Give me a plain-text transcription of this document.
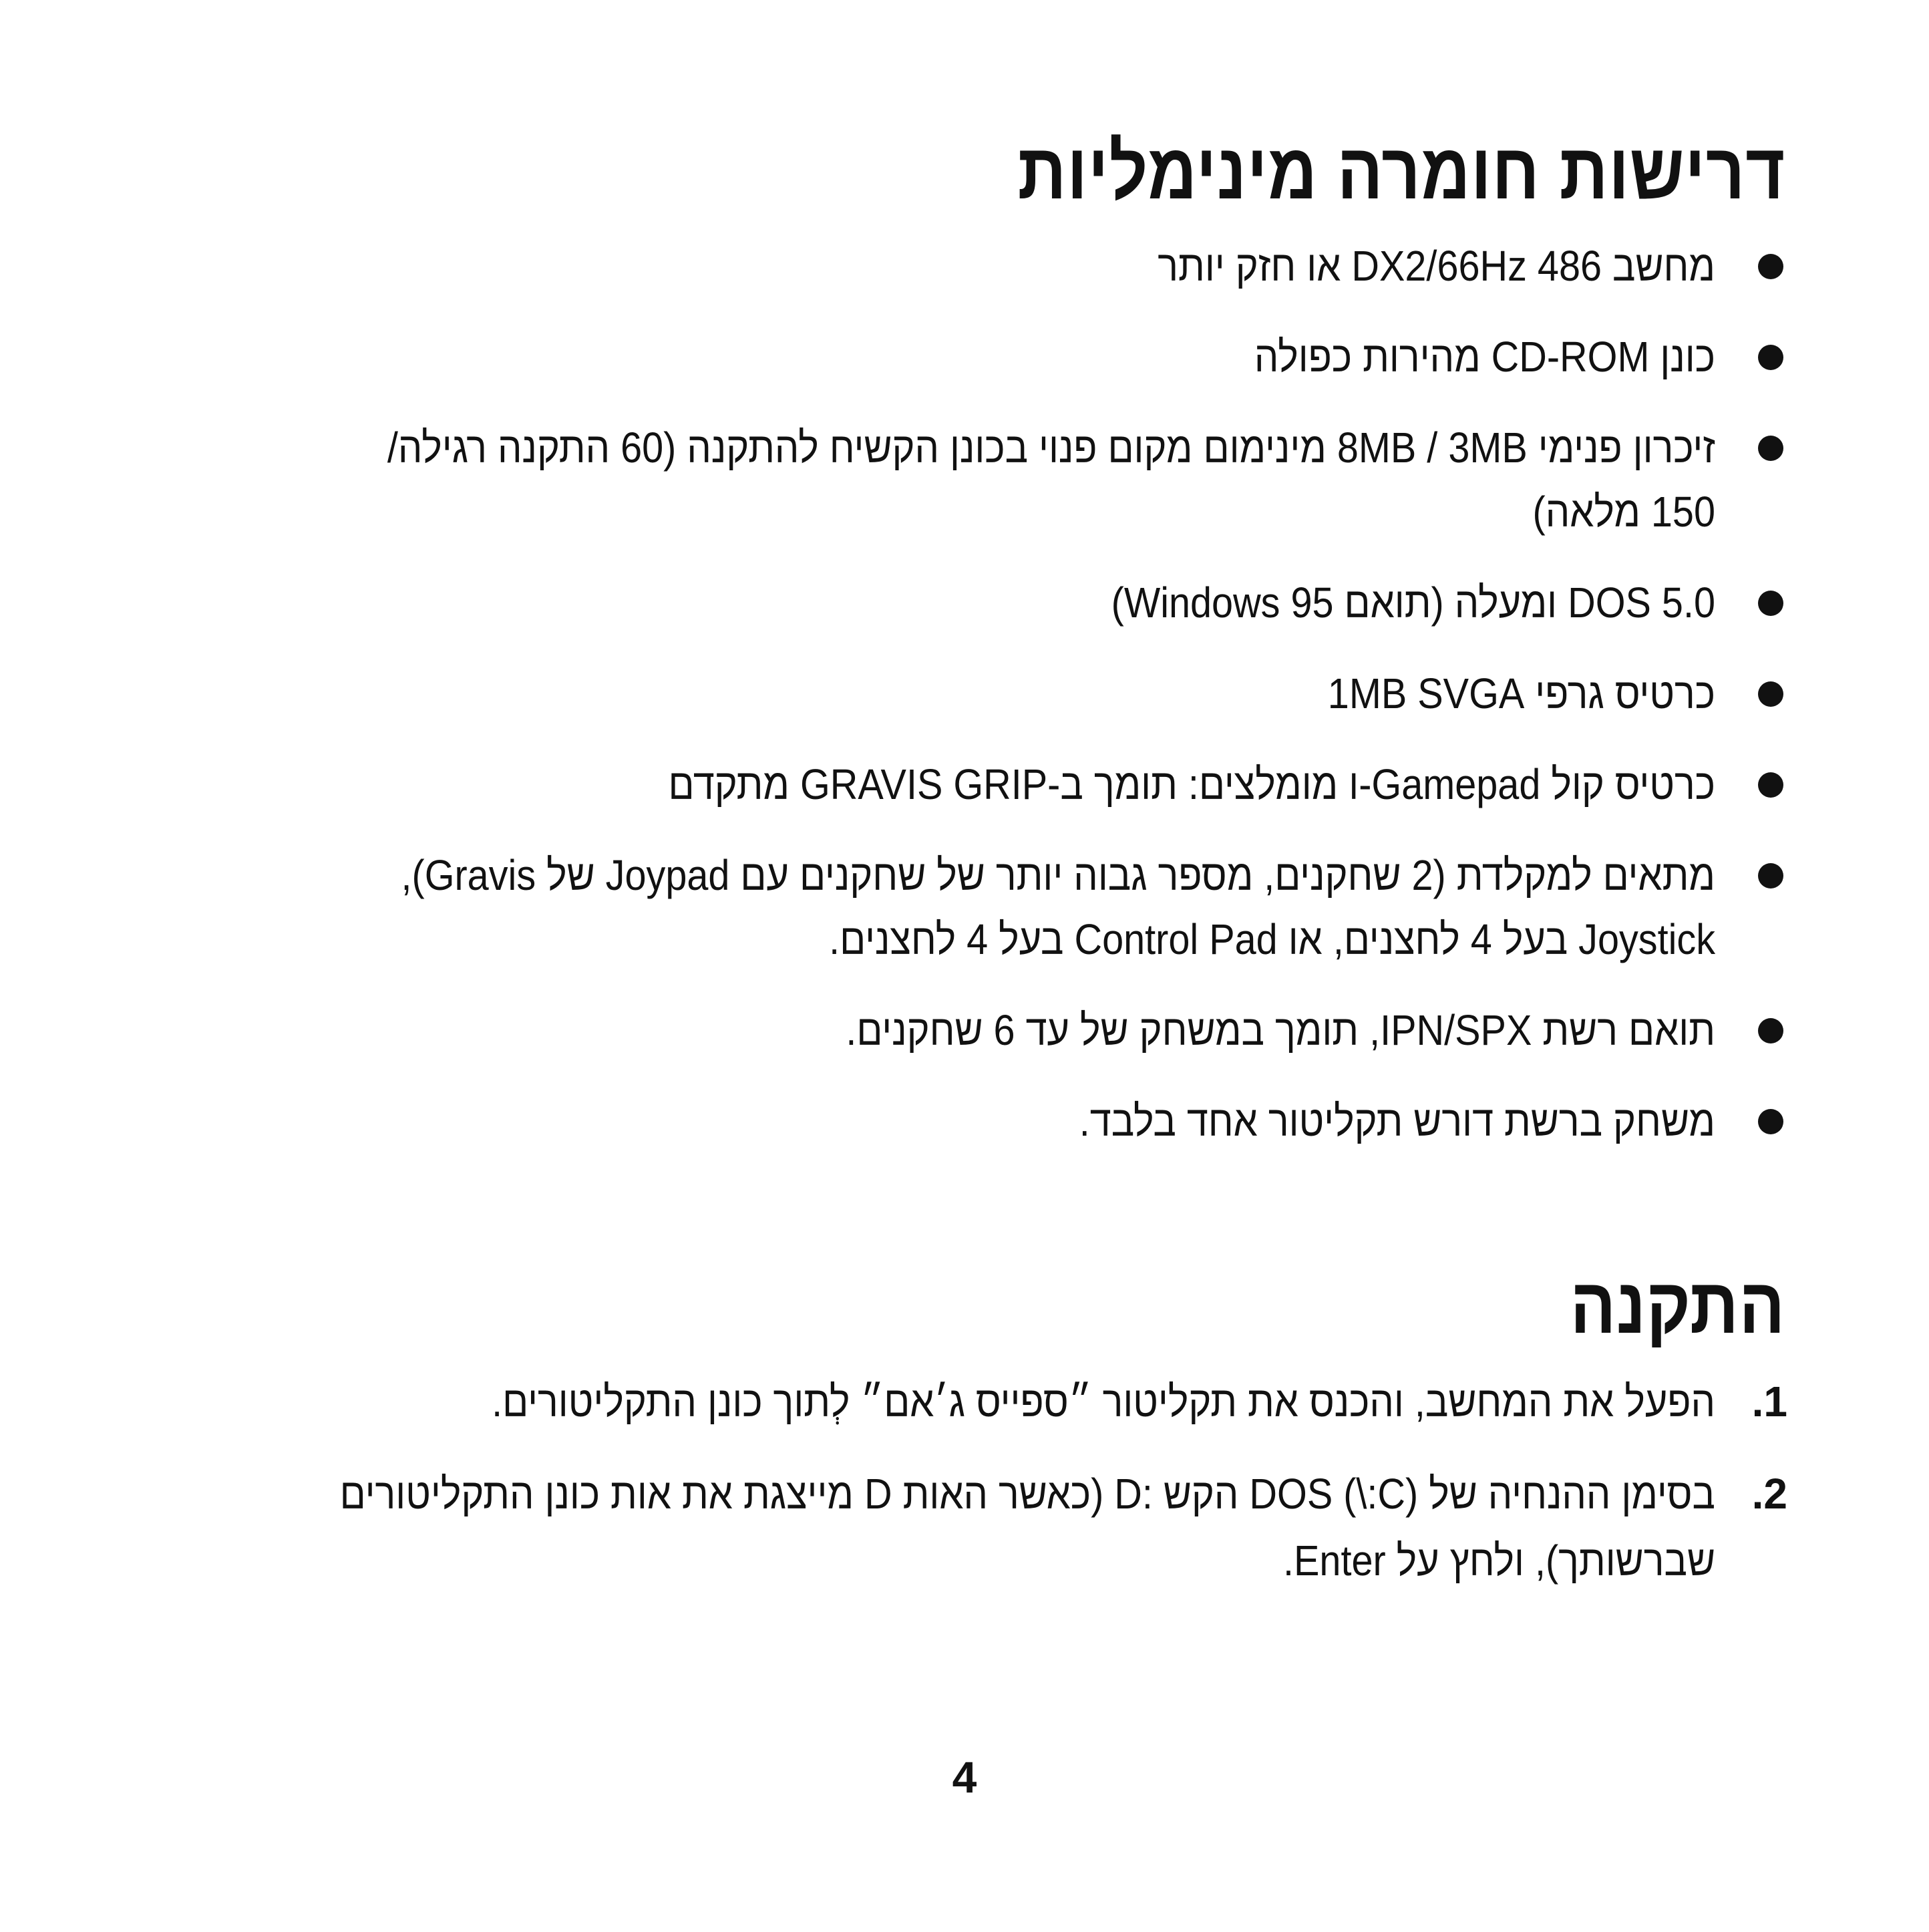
דרישות חומרה מינימליות
מחשב 486 DX2/66Hz או חזק יותר
כונן CD-ROM מהירות כפולה
זיכרון פנימי 8MB / 3MB מינימום מקום פנוי בכונן הקשיח להתקנה (60 התקנה רגילה/ 150 מלאה)
DOS 5.0 ומעלה (תואם Windows 95)
כרטיס גרפי 1MB SVGA
כרטיס קול Gamepad-ו מומלצים: תומך ב-GRAVIS GRIP מתקדם
מתאים למקלדת (2 שחקנים, מספר גבוה יותר של שחקנים עם Joypad של Gravis), Joystick בעל 4 לחצנים, או Control Pad בעל 4 לחצנים.
תואם רשת IPN/SPX, תומך במשחק של עד 6 שחקנים.
משחק ברשת דורש תקליטור אחד בלבד.
התקנה
1.
הפעל את המחשב, והכנס את תקליטור ״ספייס ג׳אם״ לְתוך כונן התקליטורים.
2.
בסימן ההנחיה של DOS (\:C) הקש :D (כאשר האות D מייצגת את אות כונן התקליטורים שברשותך), ולחץ על Enter.
4
